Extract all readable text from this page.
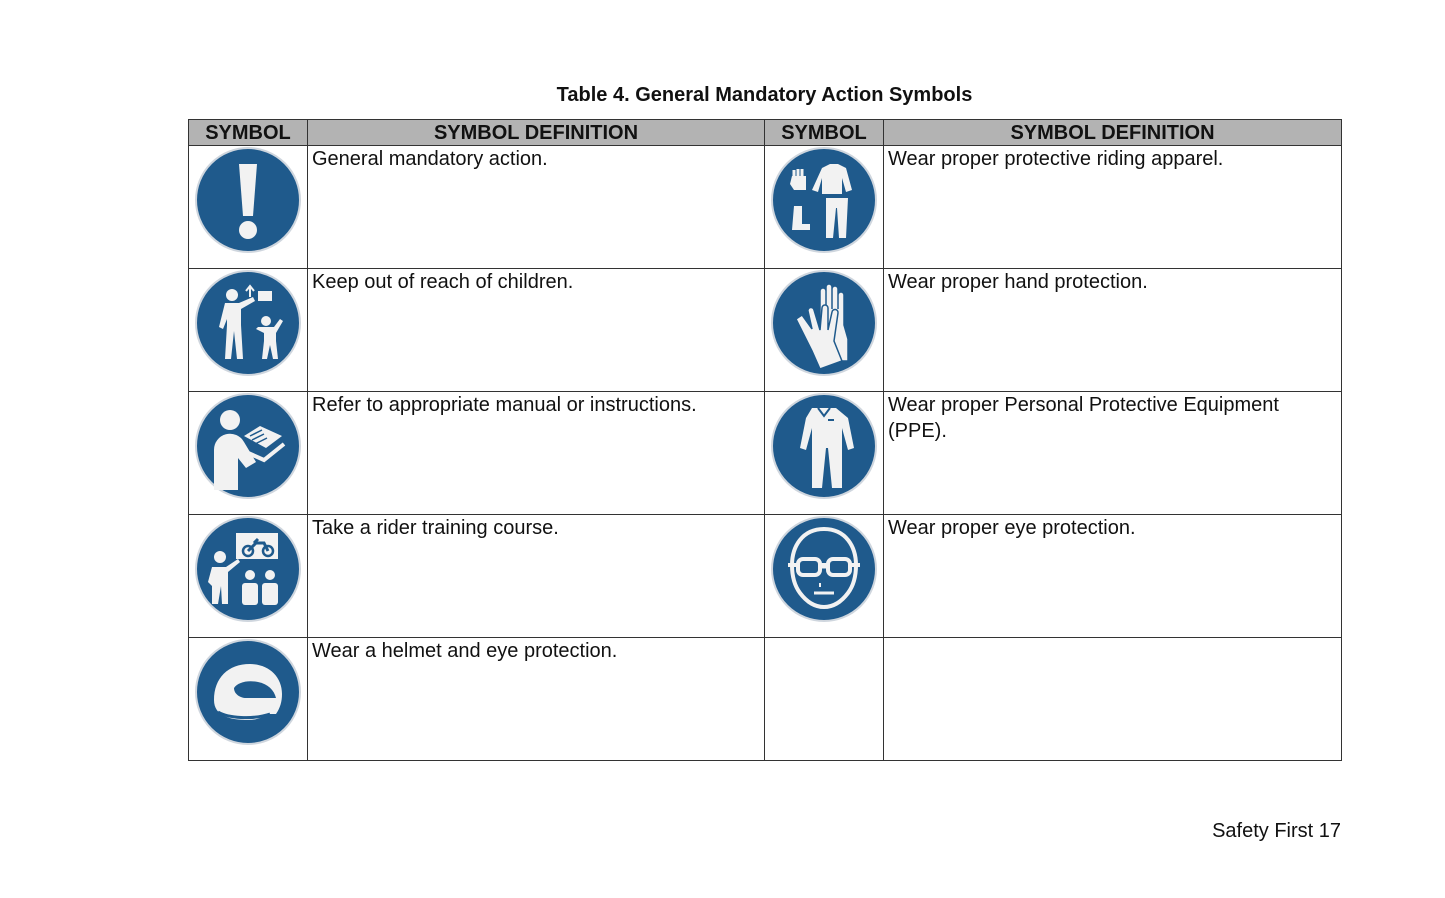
Table 4. General Mandatory Action Symbols
SYMBOL	SYMBOL DEFINITION	SYMBOL	SYMBOL DEFINITION

	General mandatory action.		Wear proper protective riding apparel.

	Keep out of reach of children.		Wear proper hand protection.

	Refer to appropriate manual or instructions.		Wear proper Personal Protective Equipment (PPE).

	Take a rider training course.		Wear proper eye protection.

	Wear a helmet and eye protection.		
Safety First 17
